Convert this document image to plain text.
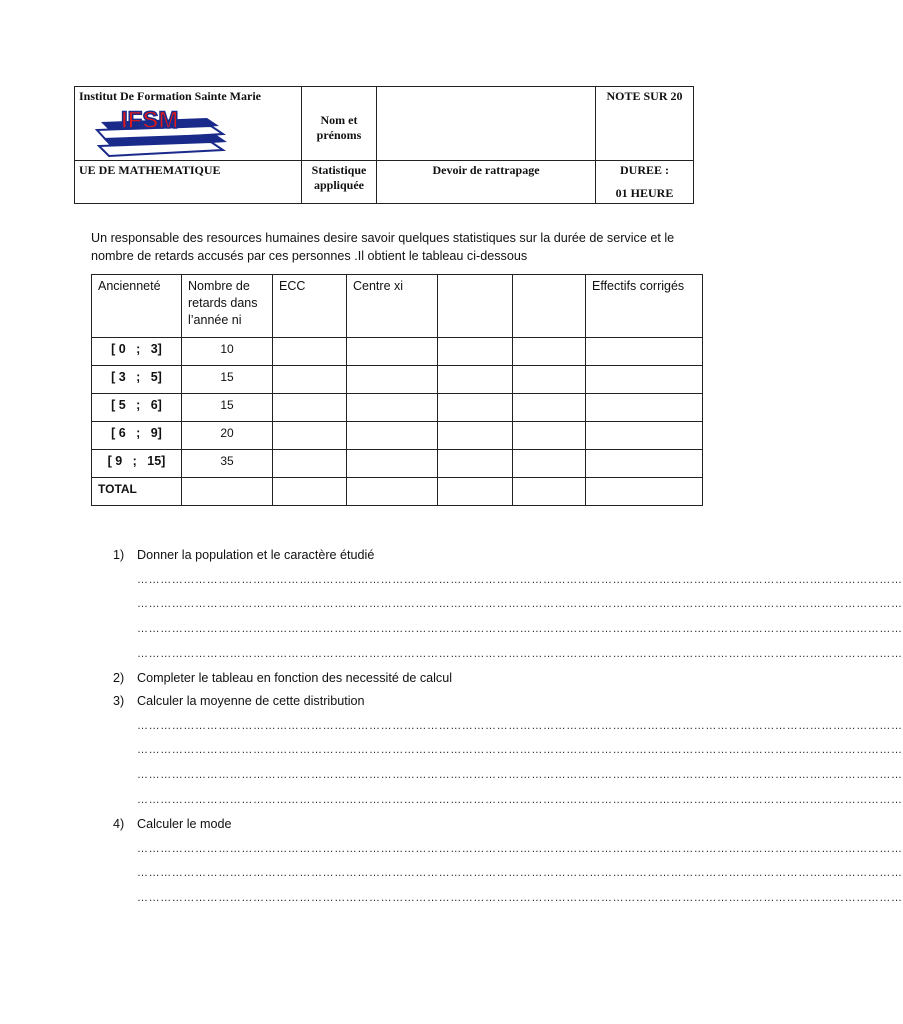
Institut De Formation Sainte Marie
IFSM	Nom et prénoms		NOTE SUR 20

UE DE MATHEMATIQUE	Statistique appliquée	Devoir de rattrapage	DUREE :
01 HEURE
Un responsable des resources humaines desire savoir quelques statistiques sur la durée de service et le nombre de retards accusés par ces personnes .Il obtient le tableau ci-dessous
Ancienneté	Nombre de retards dans l’année ni	ECC	Centre xi			Effectifs corrigés
[ 0   ;   3]	10					
[ 3   ;   5]	15					
[ 5   ;   6]	15					
[ 6   ;   9]	20					
[ 9   ;   15]	35					
TOTAL						
1) Donner la population et le caractère étudié
………………………………………………………………………………………………………………………………………………………………………………
………………………………………………………………………………………………………………………………………………………………………………
………………………………………………………………………………………………………………………………………………………………………………
………………………………………………………………………………………………………………………………………………………………………………
2) Completer le tableau en fonction des necessité de calcul
3) Calculer la moyenne de cette distribution
………………………………………………………………………………………………………………………………………………………………………………
………………………………………………………………………………………………………………………………………………………………………………
………………………………………………………………………………………………………………………………………………………………………………
………………………………………………………………………………………………………………………………………………………………………………
4) Calculer le mode
………………………………………………………………………………………………………………………………………………………………………………
………………………………………………………………………………………………………………………………………………………………………………
………………………………………………………………………………………………………………………………………………………………………………
